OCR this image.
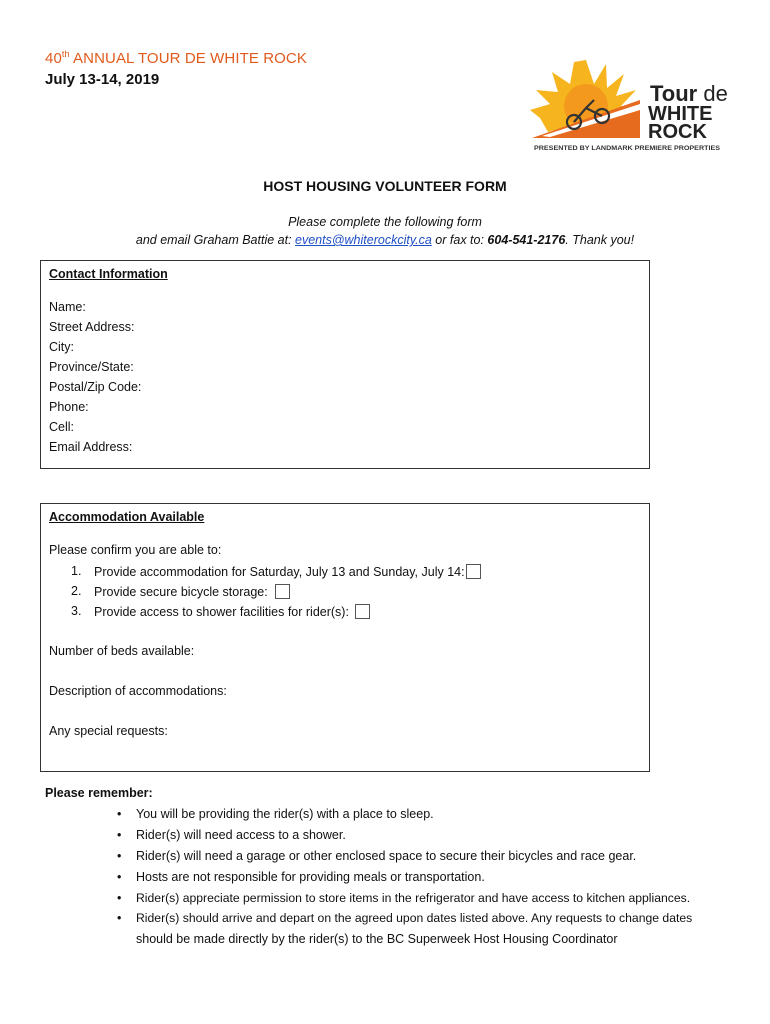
40th ANNUAL TOUR DE WHITE ROCK
July 13-14, 2019
Tour de
WHITE
ROCK
PRESENTED BY LANDMARK PREMIERE PROPERTIES
HOST HOUSING VOLUNTEER FORM
Please complete the following form
and email Graham Battie at: events@whiterockcity.ca or fax to: 604-541-2176. Thank you!
Contact Information
Name:
Street Address:
City:
Province/State:
Postal/Zip Code:
Phone:
Cell:
Email Address:
Accommodation Available
Please confirm you are able to:
1. Provide accommodation for Saturday, July 13 and Sunday, July 14:
2. Provide secure bicycle storage:
3. Provide access to shower facilities for rider(s):
Number of beds available:
Description of accommodations:
Any special requests:
Please remember:
• You will be providing the rider(s) with a place to sleep.
• Rider(s) will need access to a shower.
• Rider(s) will need a garage or other enclosed space to secure their bicycles and race gear.
• Hosts are not responsible for providing meals or transportation.
• Rider(s) appreciate permission to store items in the refrigerator and have access to kitchen appliances.
• Rider(s) should arrive and depart on the agreed upon dates listed above. Any requests to change dates
should be made directly by the rider(s) to the BC Superweek Host Housing Coordinator
